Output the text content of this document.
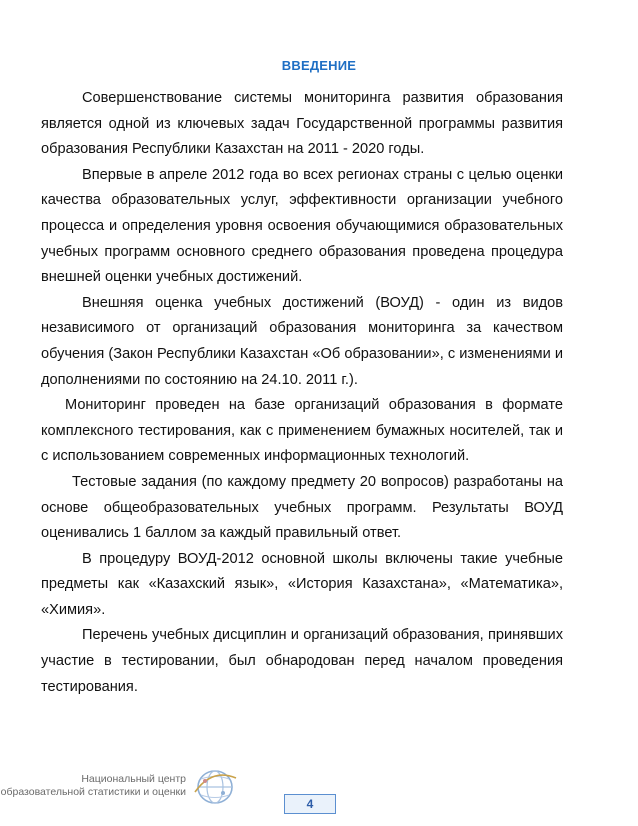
ВВЕДЕНИЕ

Совершенствование системы мониторинга развития образования является одной из ключевых задач Государственной программы развития образования Республики Казахстан на 2011 - 2020 годы.

Впервые в апреле 2012 года во всех регионах страны с целью оценки качества образовательных услуг, эффективности организации учебного процесса и определения уровня освоения обучающимися образовательных учебных программ основного среднего образования проведена процедура внешней оценки учебных достижений.

Внешняя оценка учебных достижений (ВОУД) - один из видов независимого от организаций образования мониторинга за качеством обучения (Закон Республики Казахстан «Об образовании», с изменениями и дополнениями по состоянию на 24.10. 2011 г.).

Мониторинг проведен на базе организаций образования в формате комплексного тестирования, как с применением бумажных носителей, так и с использованием современных информационных технологий.

Тестовые задания (по каждому предмету 20 вопросов) разработаны на основе общеобразовательных учебных программ. Результаты ВОУД оценивались 1 баллом за каждый правильный ответ.

В процедуру ВОУД-2012 основной школы включены такие учебные предметы как «Казахский язык», «История Казахстана», «Математика», «Химия».

Перечень учебных дисциплин и организаций образования, принявших участие в тестировании, был обнародован перед началом проведения тестирования.

Национальный центр
образовательной статистики и оценки
4
